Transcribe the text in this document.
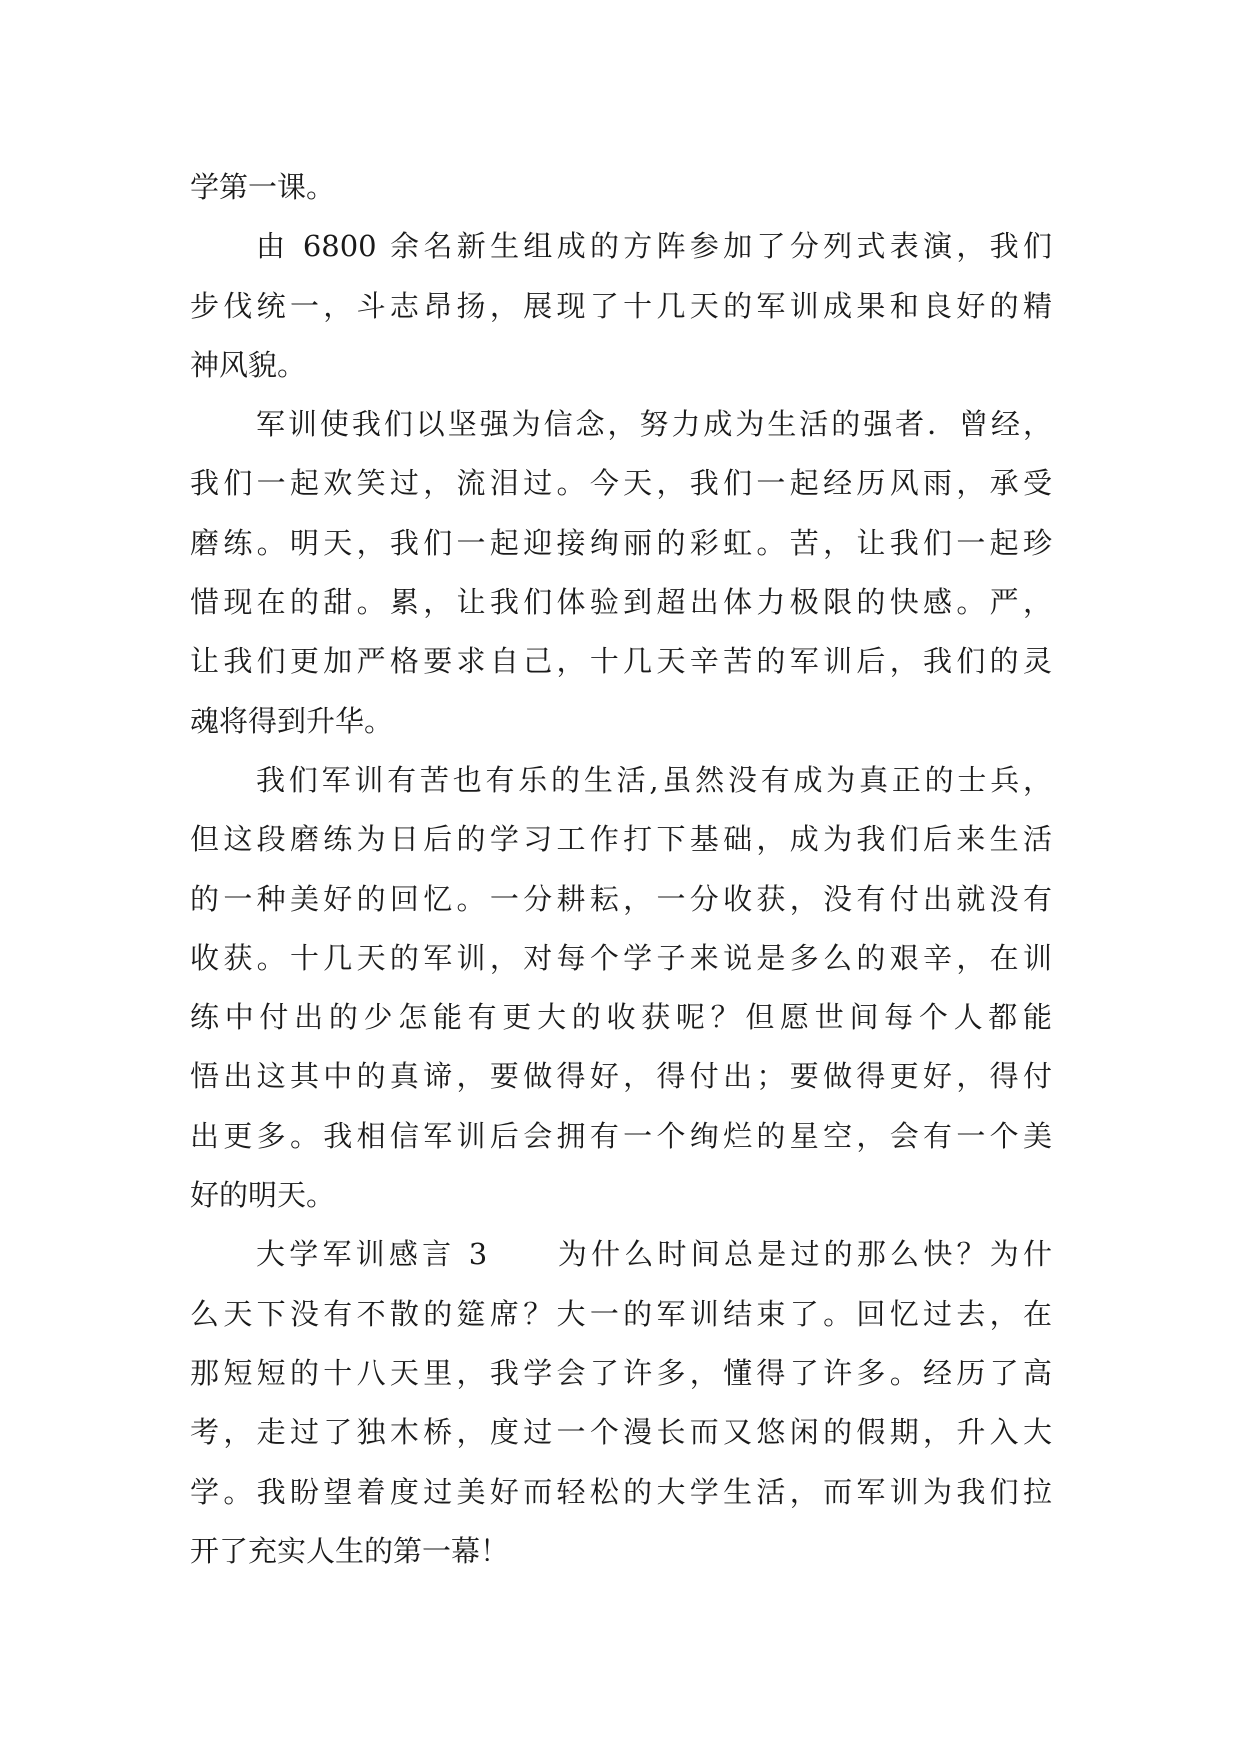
学第一课。
由 6800 余名新生组成的方阵参加了分列式表演，我们
步伐统一，斗志昂扬，展现了十几天的军训成果和良好的精
神风貌。
军训使我们以坚强为信念，努力成为生活的强者．曾经，
我们一起欢笑过，流泪过。今天，我们一起经历风雨，承受
磨练。明天，我们一起迎接绚丽的彩虹。苦，让我们一起珍
惜现在的甜。累，让我们体验到超出体力极限的快感。严，
让我们更加严格要求自己，十几天辛苦的军训后，我们的灵
魂将得到升华。
我们军训有苦也有乐的生活,虽然没有成为真正的士兵，
但这段磨练为日后的学习工作打下基础，成为我们后来生活
的一种美好的回忆。一分耕耘，一分收获，没有付出就没有
收获。十几天的军训，对每个学子来说是多么的艰辛，在训
练中付出的少怎能有更大的收获呢？但愿世间每个人都能
悟出这其中的真谛，要做得好，得付出；要做得更好，得付
出更多。我相信军训后会拥有一个绚烂的星空，会有一个美
好的明天。
大学军训感言 3　　为什么时间总是过的那么快？为什
么天下没有不散的筵席？大一的军训结束了。回忆过去，在
那短短的十八天里，我学会了许多，懂得了许多。经历了高
考，走过了独木桥，度过一个漫长而又悠闲的假期，升入大
学。我盼望着度过美好而轻松的大学生活，而军训为我们拉
开了充实人生的第一幕！
